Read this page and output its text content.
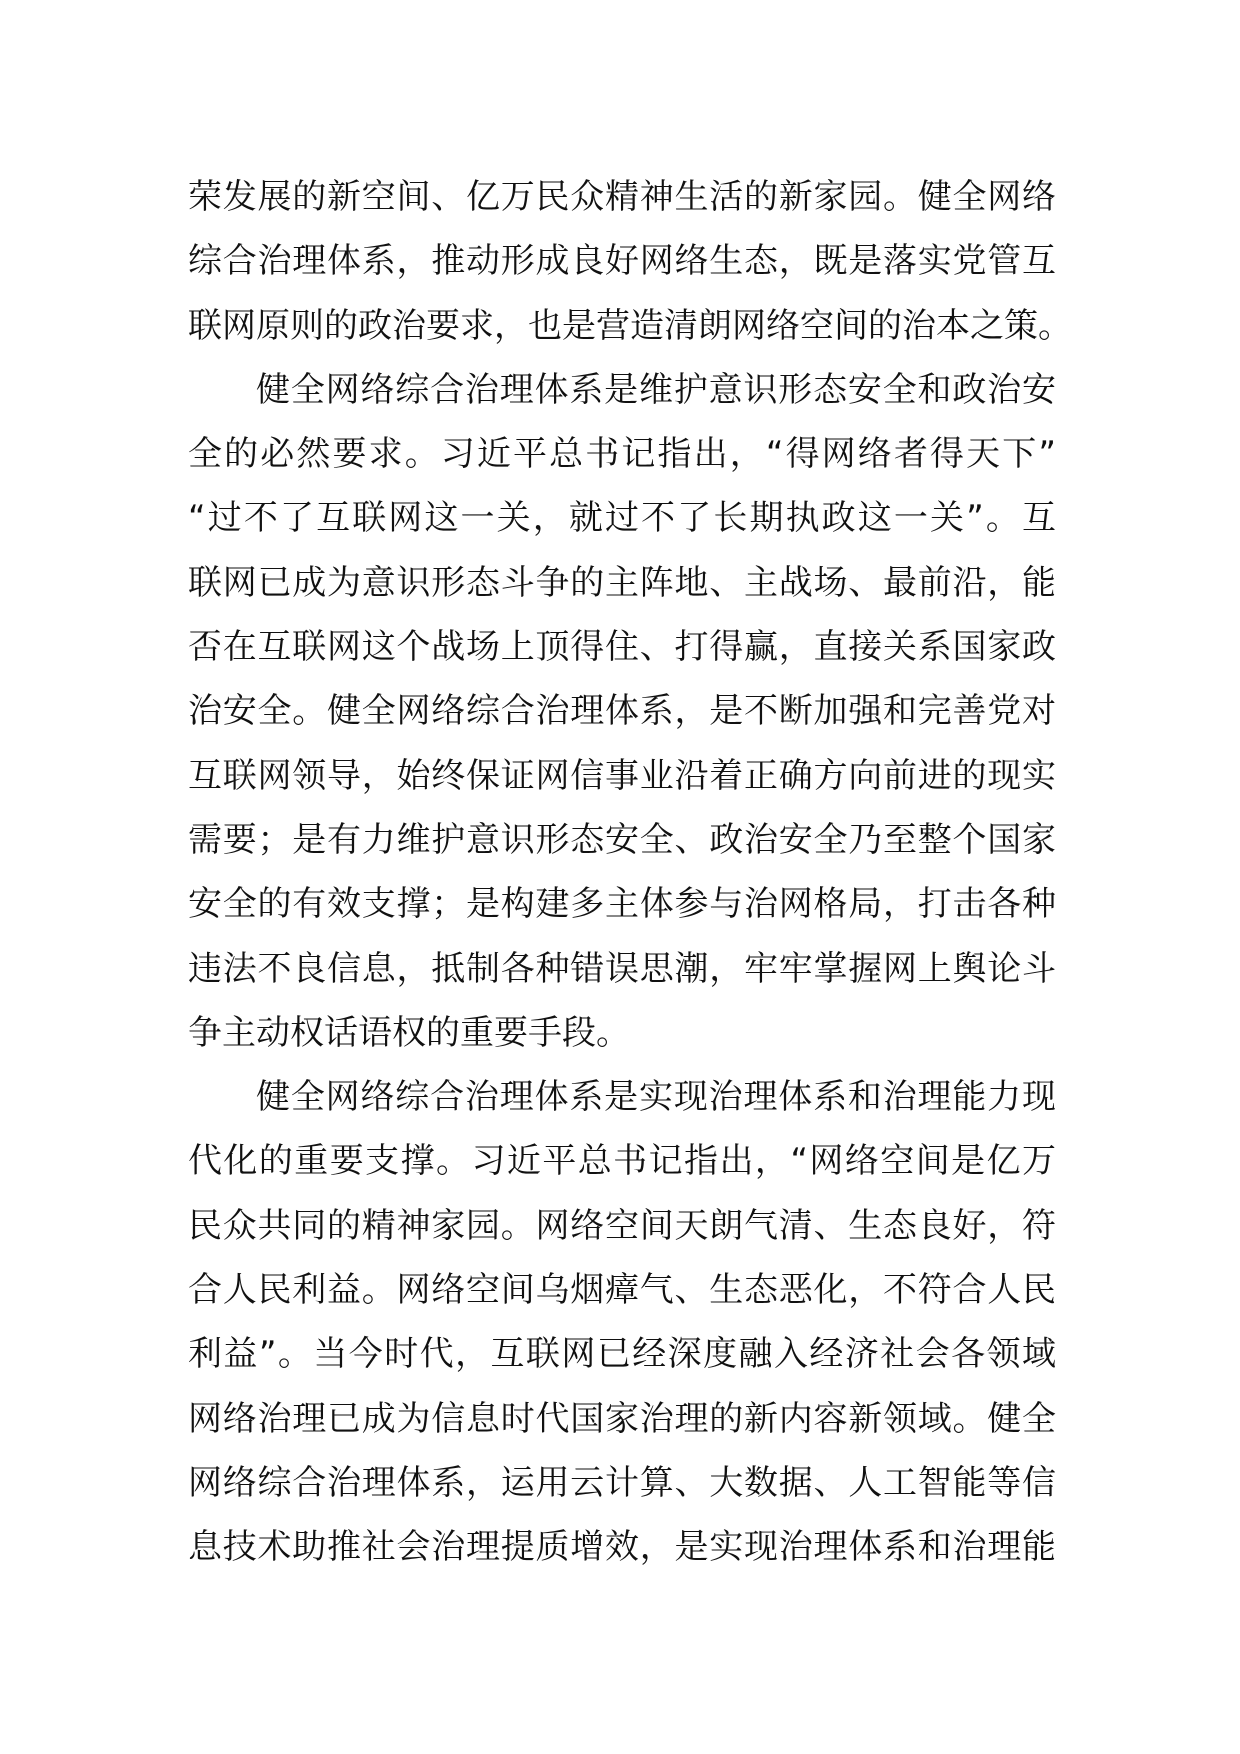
荣发展的新空间、亿万民众精神生活的新家园。健全网络
综合治理体系，推动形成良好网络生态，既是落实党管互
联网原则的政治要求，也是营造清朗网络空间的治本之策。
健全网络综合治理体系是维护意识形态安全和政治安
全的必然要求。习近平总书记指出，“得网络者得天下”
“过不了互联网这一关，就过不了长期执政这一关”。互
联网已成为意识形态斗争的主阵地、主战场、最前沿，能
否在互联网这个战场上顶得住、打得赢，直接关系国家政
治安全。健全网络综合治理体系，是不断加强和完善党对
互联网领导，始终保证网信事业沿着正确方向前进的现实
需要；是有力维护意识形态安全、政治安全乃至整个国家
安全的有效支撑；是构建多主体参与治网格局，打击各种
违法不良信息，抵制各种错误思潮，牢牢掌握网上舆论斗
争主动权话语权的重要手段。
健全网络综合治理体系是实现治理体系和治理能力现
代化的重要支撑。习近平总书记指出，“网络空间是亿万
民众共同的精神家园。网络空间天朗气清、生态良好，符
合人民利益。网络空间乌烟瘴气、生态恶化，不符合人民
利益”。当今时代，互联网已经深度融入经济社会各领域
网络治理已成为信息时代国家治理的新内容新领域。健全
网络综合治理体系，运用云计算、大数据、人工智能等信
息技术助推社会治理提质增效，是实现治理体系和治理能
